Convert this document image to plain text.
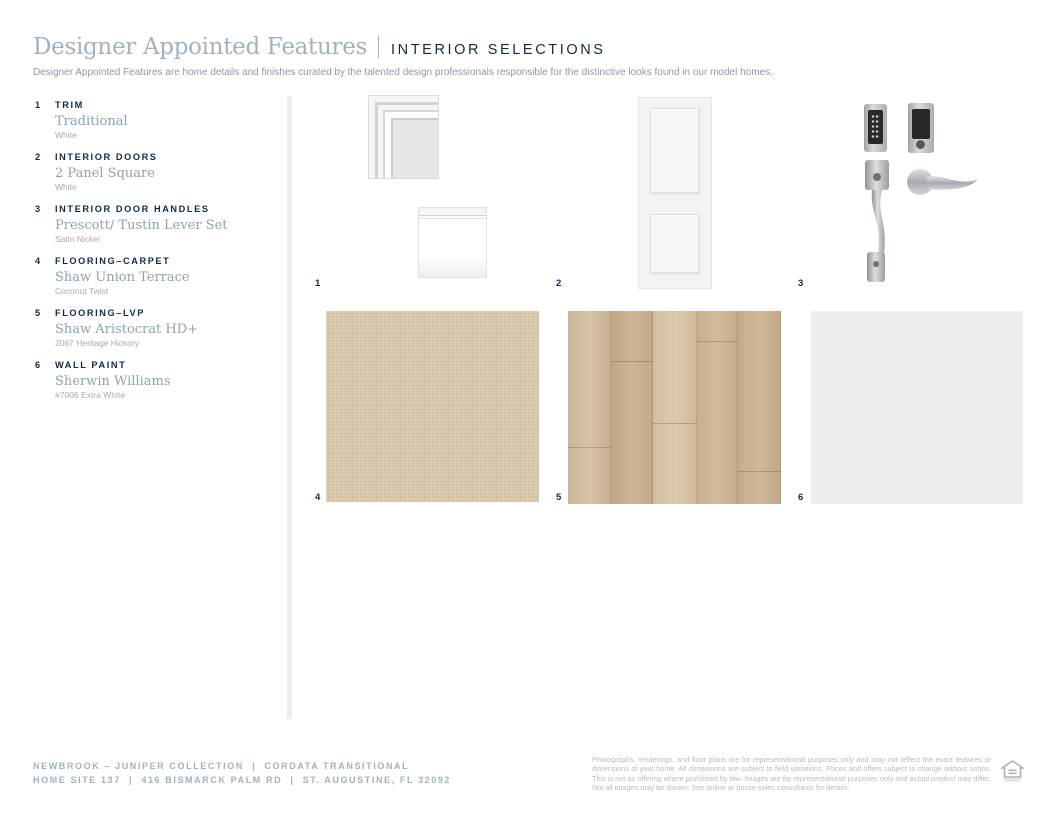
Designer Appointed Features INTERIOR SELECTIONS
Designer Appointed Features are home details and finishes curated by the talented design professionals responsible for the distinctive looks found in our model homes.
1	TRIM
Traditional
White
2	INTERIOR DOORS
2 Panel Square
White
3	INTERIOR DOOR HANDLES
Prescott/ Tustin Lever Set
Satin Nickel
4	FLOORING–CARPET
Shaw Union Terrace
Coconut Twist
5	FLOORING–LVP
Shaw Aristocrat HD+
2067 Heritage Hickory
6	WALL PAINT
Sherwin Williams
#7006 Extra White
1	2	3
4	5	6
NEWBROOK – JUNIPER COLLECTION  |  CORDATA TRANSITIONAL
HOME SITE 137  |  416 BISMARCK PALM RD  |  ST. AUGUSTINE, FL 32092
Photographs, renderings, and floor plans are for representational purposes only and may not reflect the exact features or dimensions of your home. All dimensions are subject to field variations. Prices and offers subject to change without notice. This is not an offering where prohibited by law. Images are for representational purposes only and actual product may differ. Not all images may be shown. See online or onsite sales consultants for details.
